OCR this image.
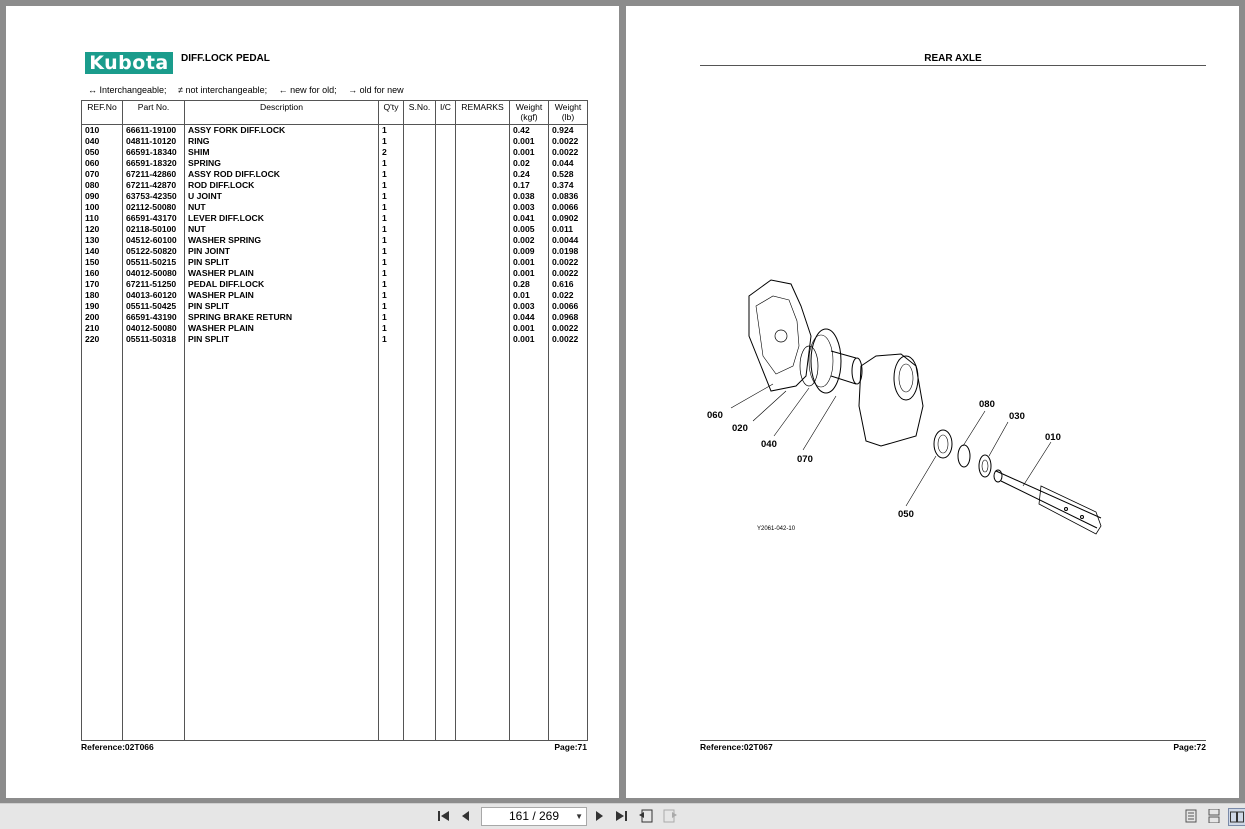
Kubota	DIFF.LOCK PEDAL
↔ Interchangeable; ≠ not interchangeable; ← new for old; → old for new
REF.No	Part No.	Description	Q'ty	S.No.	I/C	REMARKS	Weight (kgf)	Weight (lb)
010	66611-19100	ASSY FORK DIFF.LOCK	1				0.42	0.924
040	04811-10120	RING	1				0.001	0.0022
050	66591-18340	SHIM	2				0.001	0.0022
060	66591-18320	SPRING	1				0.02	0.044
070	67211-42860	ASSY ROD DIFF.LOCK	1				0.24	0.528
080	67211-42870	ROD DIFF.LOCK	1				0.17	0.374
090	63753-42350	U JOINT	1				0.038	0.0836
100	02112-50080	NUT	1				0.003	0.0066
110	66591-43170	LEVER DIFF.LOCK	1				0.041	0.0902
120	02118-50100	NUT	1				0.005	0.011
130	04512-60100	WASHER SPRING	1				0.002	0.0044
140	05122-50820	PIN JOINT	1				0.009	0.0198
150	05511-50215	PIN SPLIT	1				0.001	0.0022
160	04012-50080	WASHER PLAIN	1				0.001	0.0022
170	67211-51250	PEDAL DIFF.LOCK	1				0.28	0.616
180	04013-60120	WASHER PLAIN	1				0.01	0.022
190	05511-50425	PIN SPLIT	1				0.003	0.0066
200	66591-43190	SPRING BRAKE RETURN	1				0.044	0.0968
210	04012-50080	WASHER PLAIN	1				0.001	0.0022
220	05511-50318	PIN SPLIT	1				0.001	0.0022

Reference:02T066	Page:71
REAR AXLE
060
020
040
070
080
030
010
050
Y2061-042-10
Reference:02T067	Page:72
161 / 269 ▼
